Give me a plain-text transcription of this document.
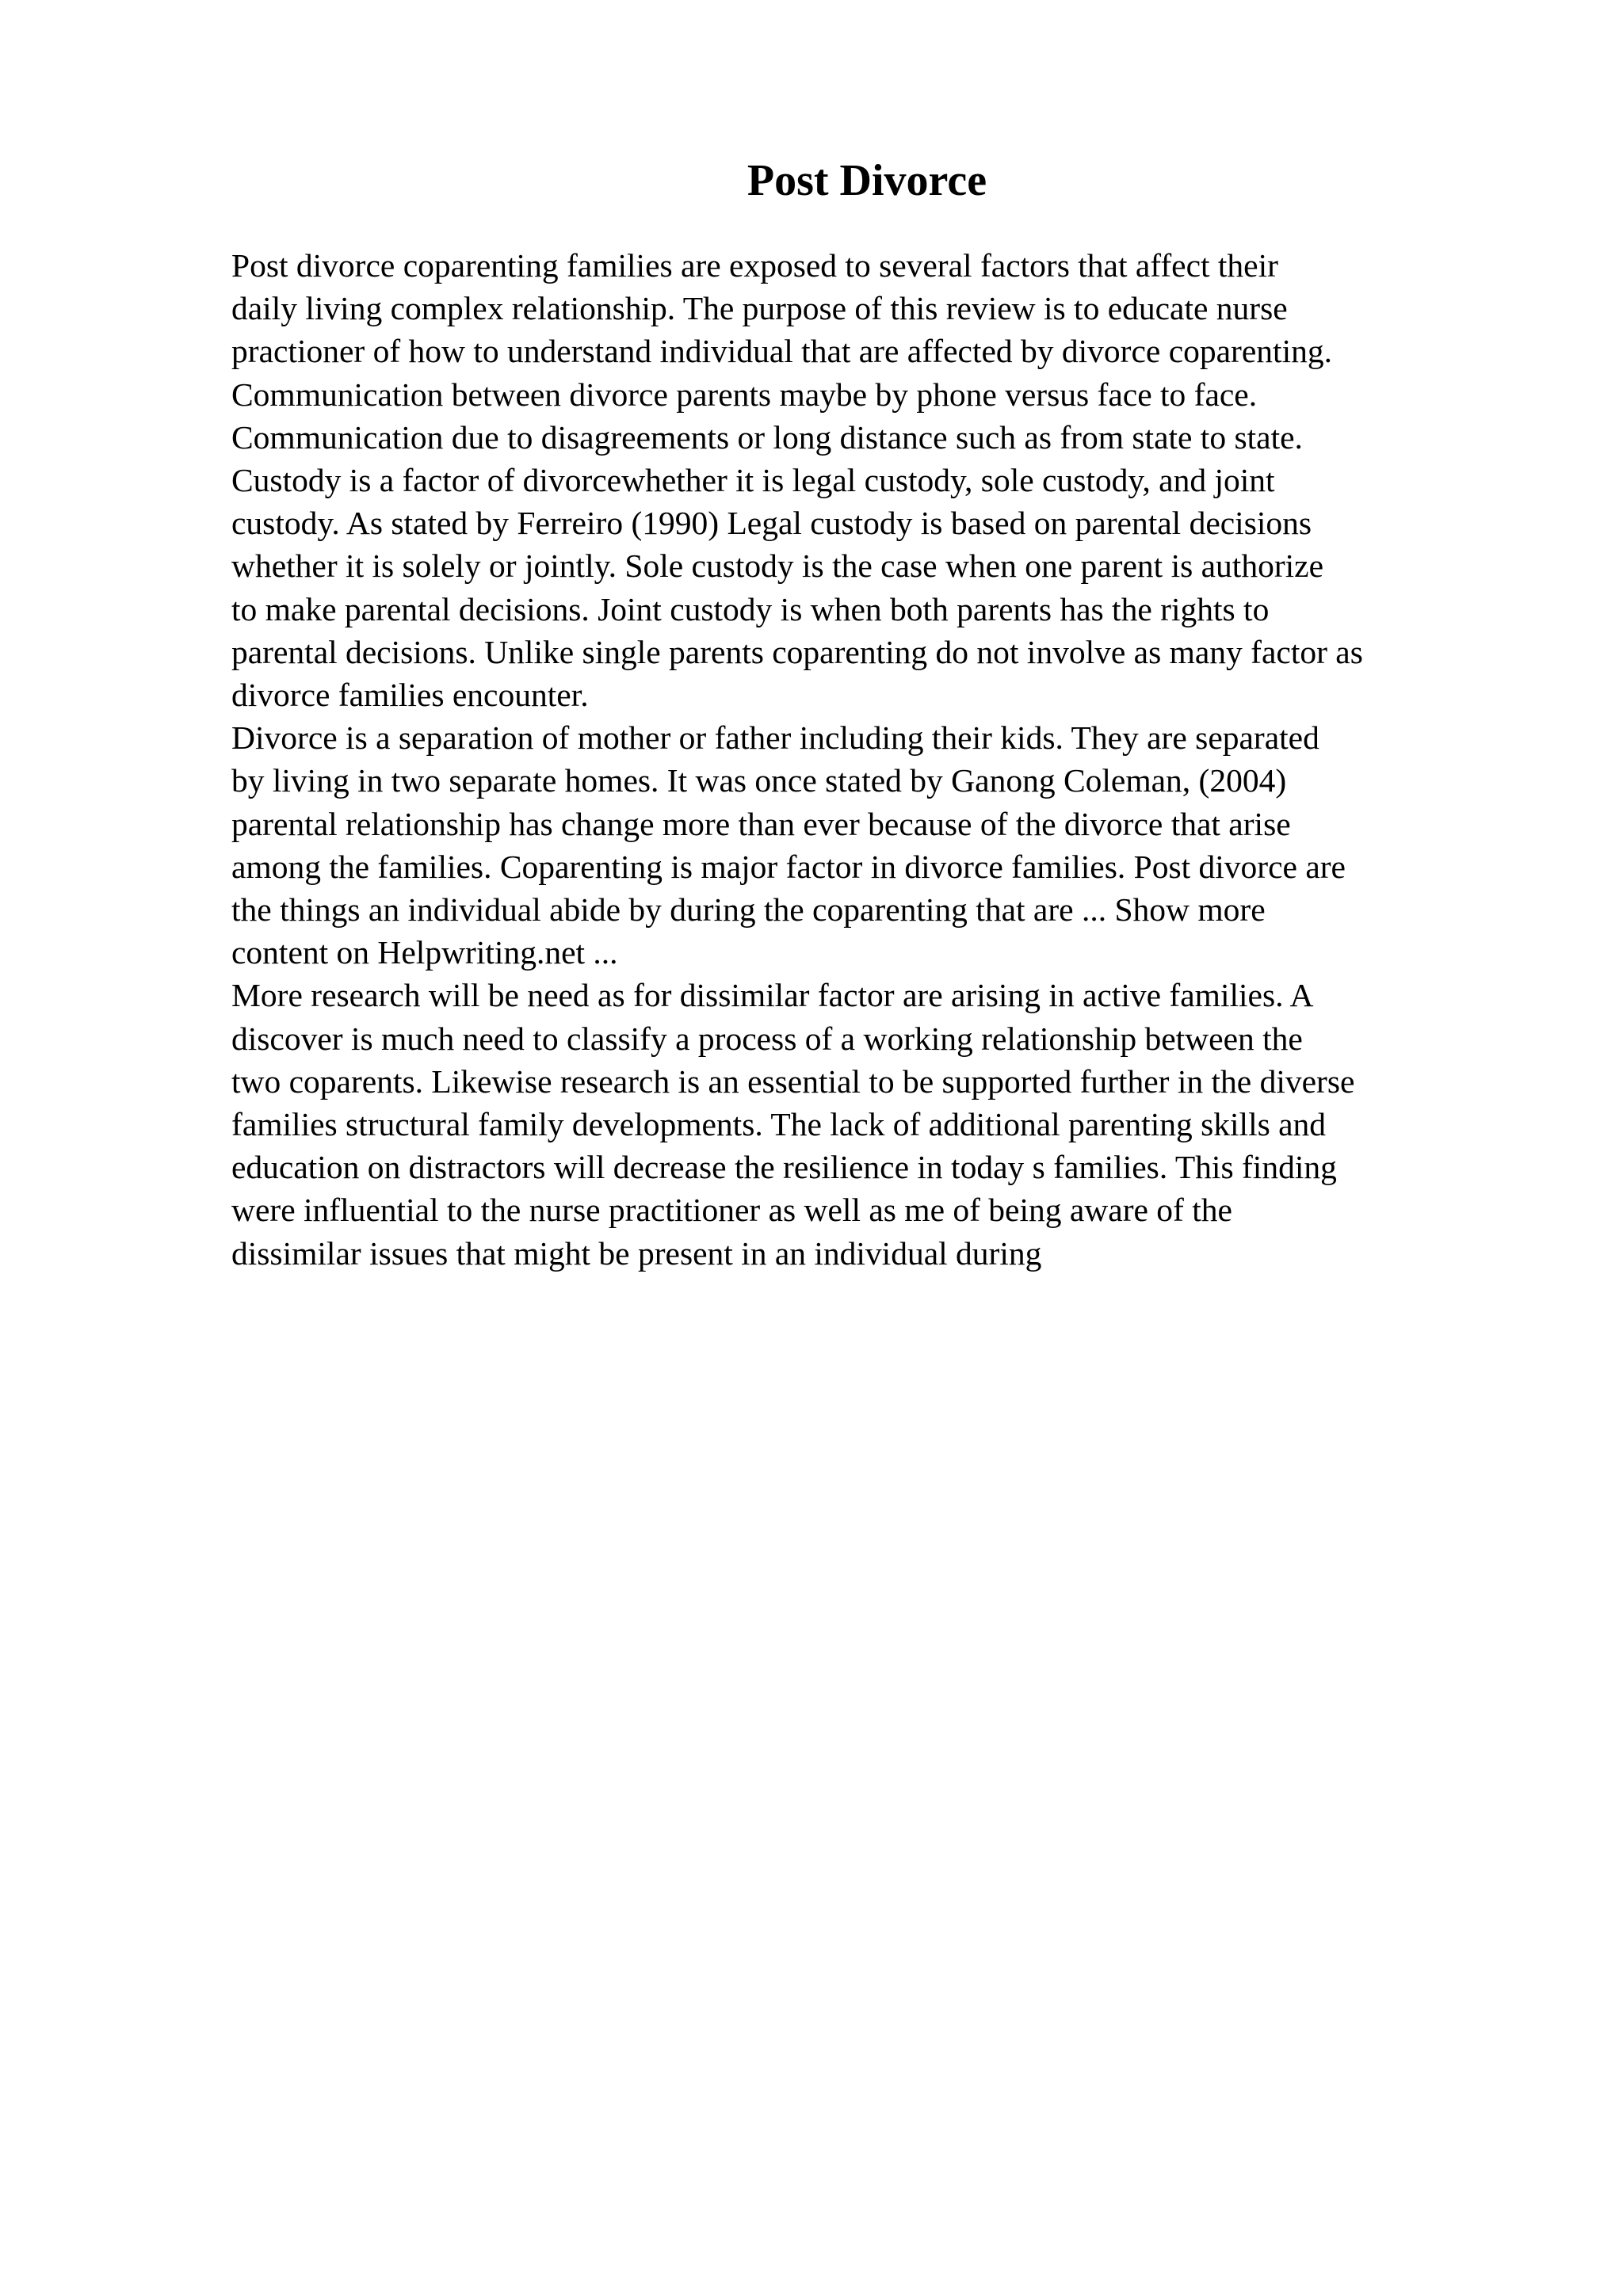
Post Divorce
Post divorce coparenting families are exposed to several factors that affect their
daily living complex relationship. The purpose of this review is to educate nurse
practioner of how to understand individual that are affected by divorce coparenting.
Communication between divorce parents maybe by phone versus face to face.
Communication due to disagreements or long distance such as from state to state.
Custody is a factor of divorcewhether it is legal custody, sole custody, and joint
custody. As stated by Ferreiro (1990) Legal custody is based on parental decisions
whether it is solely or jointly. Sole custody is the case when one parent is authorize
to make parental decisions. Joint custody is when both parents has the rights to
parental decisions. Unlike single parents coparenting do not involve as many factor as
divorce families encounter.
Divorce is a separation of mother or father including their kids. They are separated
by living in two separate homes. It was once stated by Ganong Coleman, (2004)
parental relationship has change more than ever because of the divorce that arise
among the families. Coparenting is major factor in divorce families. Post divorce are
the things an individual abide by during the coparenting that are ... Show more
content on Helpwriting.net ...
More research will be need as for dissimilar factor are arising in active families. A
discover is much need to classify a process of a working relationship between the
two coparents. Likewise research is an essential to be supported further in the diverse
families structural family developments. The lack of additional parenting skills and
education on distractors will decrease the resilience in today s families. This finding
were influential to the nurse practitioner as well as me of being aware of the
dissimilar issues that might be present in an individual during
